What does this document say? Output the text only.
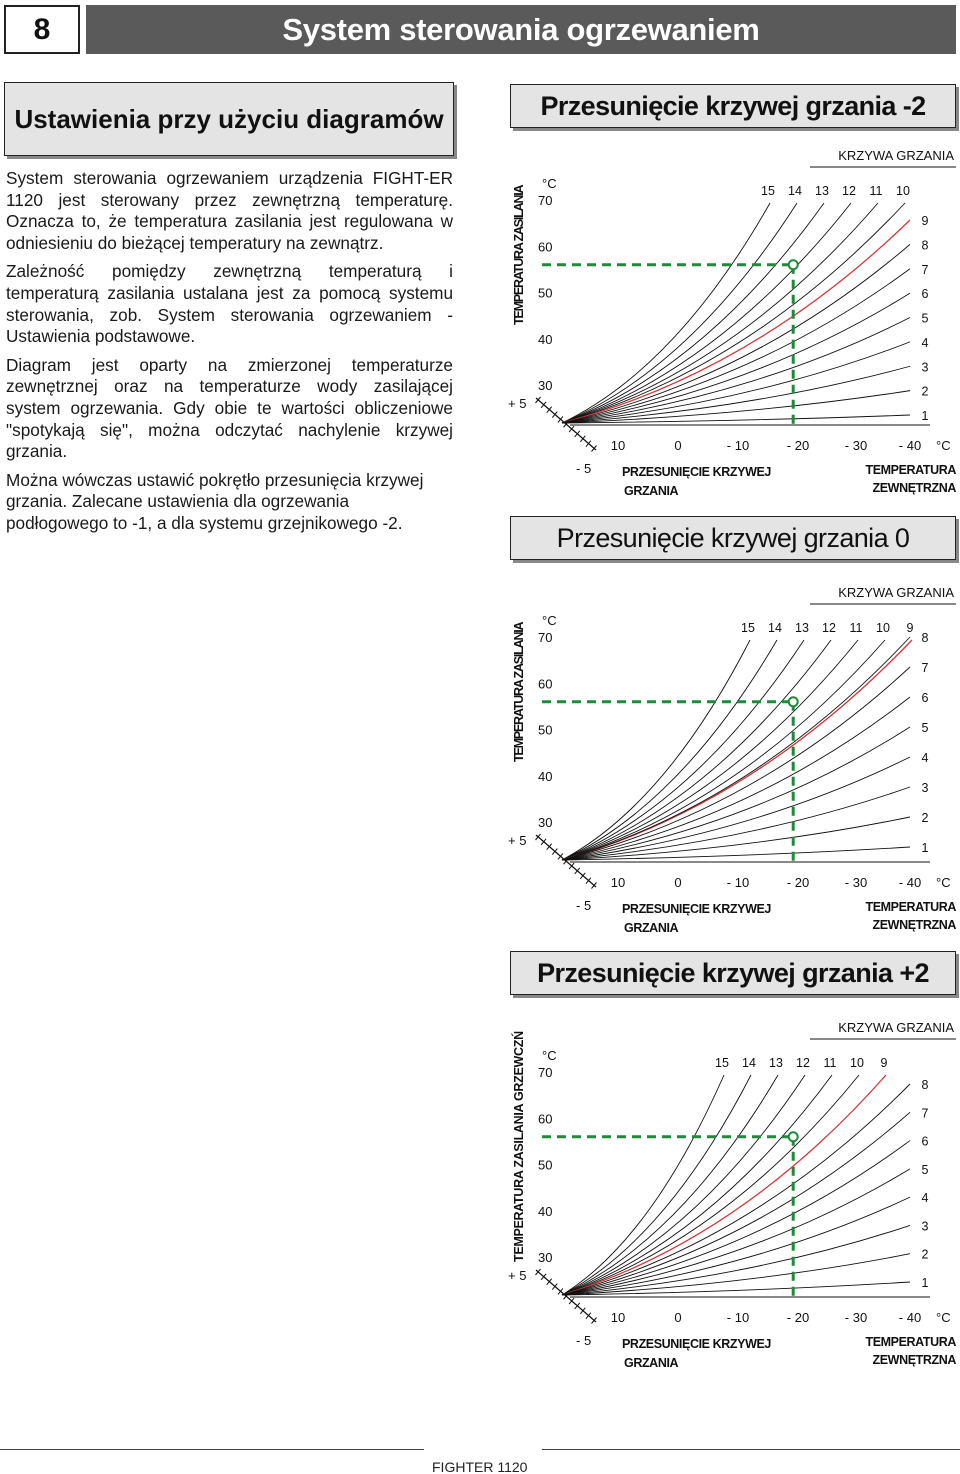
8	System sterowania ogrzewaniem
Ustawienia przy użyciu diagramów

System sterowania ogrzewaniem urządzenia FIGHT-ER 1120 jest sterowany przez zewnętrzną temperaturę. Oznacza to, że temperatura zasilania jest regulowana w odniesieniu do bieżącej temperatury na zewnątrz.

Zależność pomiędzy zewnętrzną temperaturą i temperaturą zasilania ustalana jest za pomocą systemu sterowania, zob. System sterowania ogrzewaniem - Ustawienia podstawowe.

Diagram jest oparty na zmierzonej temperaturze zewnętrznej oraz na temperaturze wody zasilającej system ogrzewania. Gdy obie te wartości obliczeniowe "spotykają się", można odczytać nachylenie krzywej grzania.

Można wówczas ustawić pokrętło przesunięcia krzywej grzania. Zalecane ustawienia dla ogrzewania podłogowego to -1, a dla systemu grzejnikowego -2.

Przesunięcie krzywej grzania -2
Przesunięcie krzywej grzania 0
Przesunięcie krzywej grzania +2
KRZYWA GRZANIA
TEMPERATURA ZASILANIA
°C
70
60
50
40
30
+ 5
- 5
10	0	- 10	- 20	- 30 - 40 °C
PRZESUNIĘCIE KRZYWEJ
GRZANIA
TEMPERATURA
ZEWNĘTRZNA
15 14 13 12 11 10
9
8
7
6
5
4
3
2
1
KRZYWA GRZANIA
TEMPERATURA ZASILANIA
°C
70
60
50
40
30
+ 5
- 5
10	0	- 10	- 20	- 30 - 40 °C
PRZESUNIĘCIE KRZYWEJ
GRZANIA
TEMPERATURA
ZEWNĘTRZNA
15 14 13 12 11 10 9
8
7
6
5
4
3
2
1
KRZYWA GRZANIA
TEMPERATURA ZASILANIA GRZEWCZŃ °C
70
60
50
40
30
+ 5
- 5
10	0	- 10	- 20	- 30 - 40 °C
PRZESUNIĘCIE KRZYWEJ
GRZANIA
TEMPERATURA
ZEWNĘTRZNA
15 14 13 12 11 10 9
8
7
6
5
4
3
2
1
FIGHTER 1120
